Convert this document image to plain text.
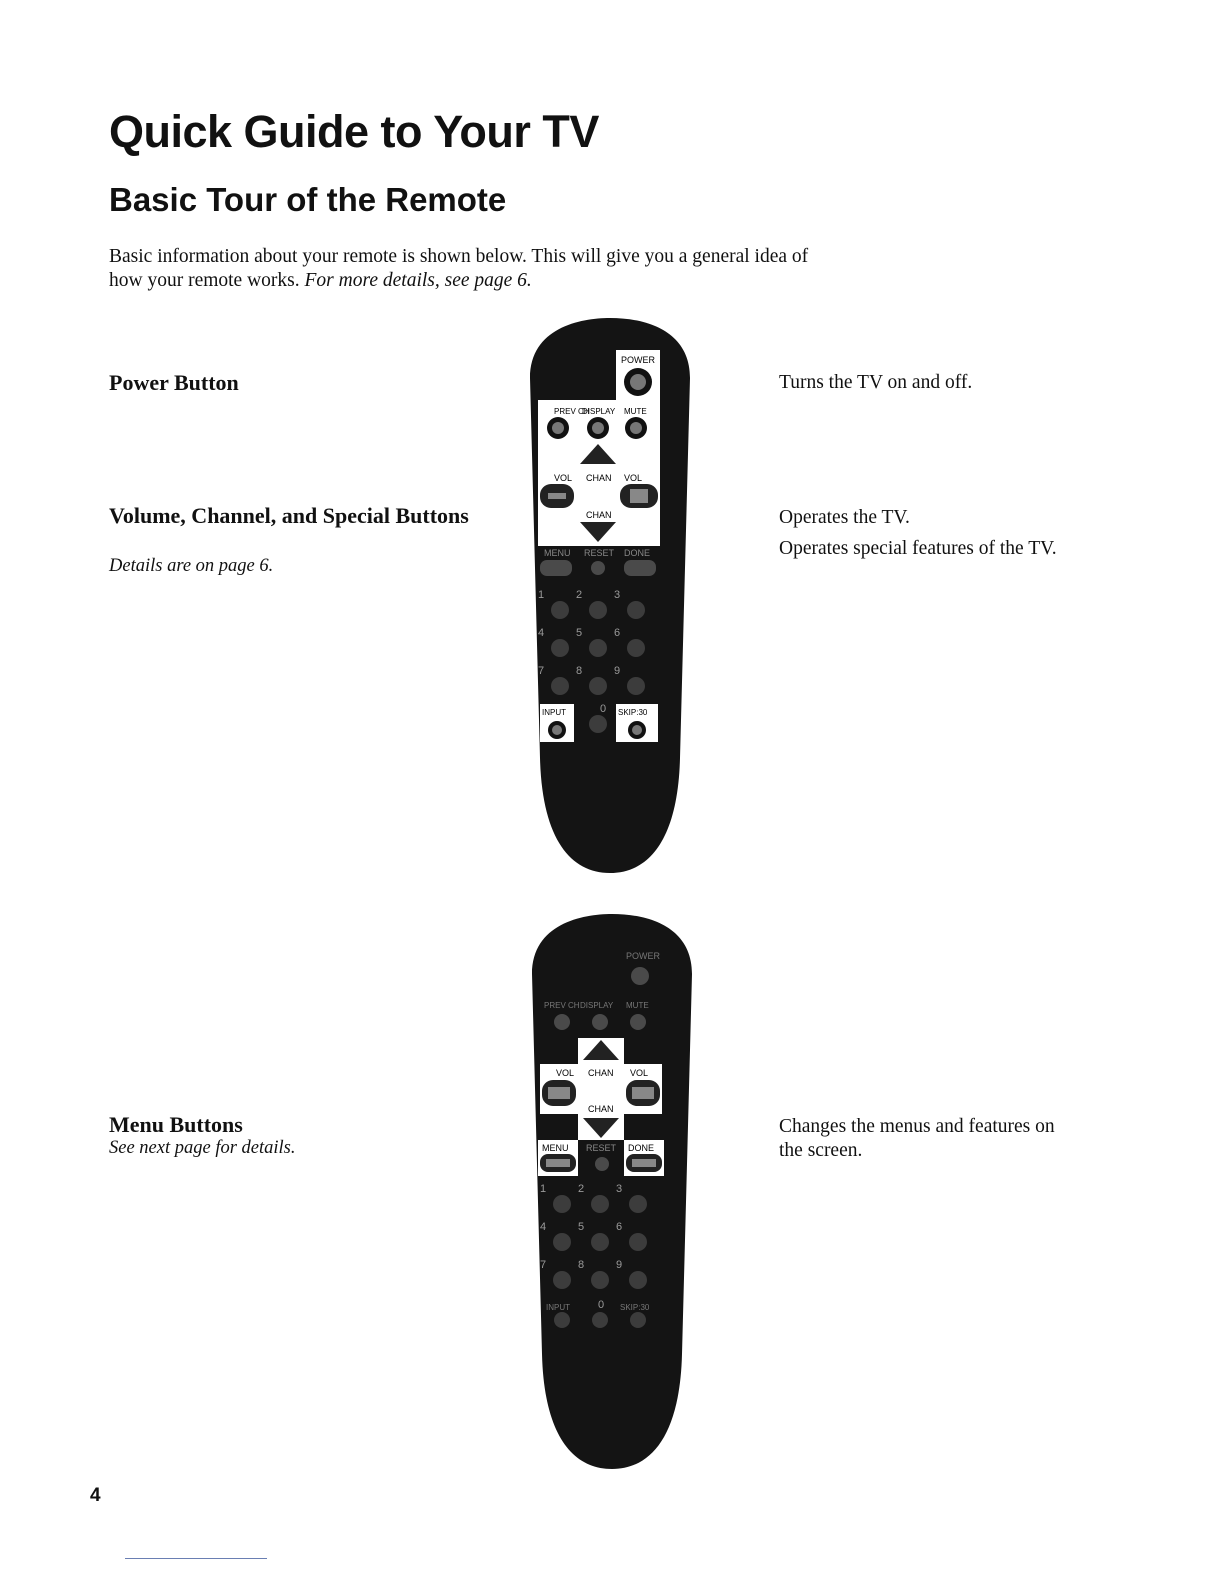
Quick Guide to Your TV
Basic Tour of the Remote

Basic information about your remote is shown below. This will give you a general idea of how your remote works. For more details, see page 6.

Power Button	Turns the TV on and off.

Volume, Channel, and Special Buttons

Details are on page 6.

Operates the TV.

Operates special features of the TV.

Menu Buttons

See next page for details.

Changes the menus and features on the screen.

POWER
PREV CH
DISPLAY MUTE
VOL CHAN VOL
CHAN
MENU RESET DONE
1	2	3
4	5	6
7	8	9
0
INPUT	SKIP:30
POWER
PREV CH DISPLAY MUTE
VOL CHAN VOL
CHAN
MENU RESET DONE
1	2	3
4	5	6
7	8	9
0
INPUT	SKIP:30
4
